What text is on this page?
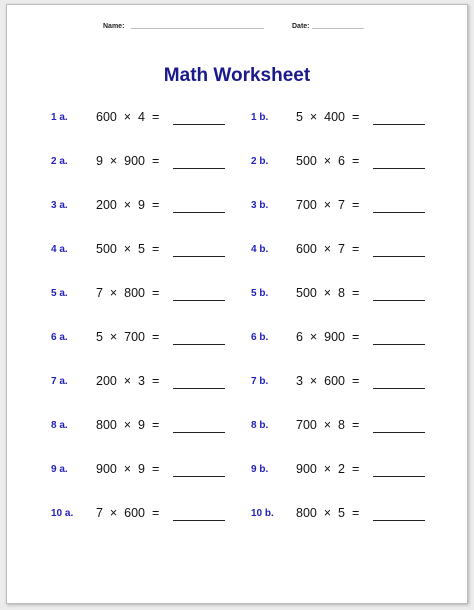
Name: ____________________________________	Date: ______________
Math Worksheet
1 a. 600  ×  4  =
2 a. 9  ×  900  =
3 a. 200  ×  9  =
4 a. 500  ×  5  =
5 a. 7  ×  800  =
6 a. 5  ×  700  =
7 a. 200  ×  3  =
8 a. 800  ×  9  =
9 a. 900  ×  9  =
10 a. 7  ×  600  =
1 b. 5  ×  400  =
2 b. 500  ×  6  =
3 b. 700  ×  7  =
4 b. 600  ×  7  =
5 b. 500  ×  8  =
6 b. 6  ×  900  =
7 b. 3  ×  600  =
8 b. 700  ×  8  =
9 b. 900  ×  2  =
10 b. 800  ×  5  =
